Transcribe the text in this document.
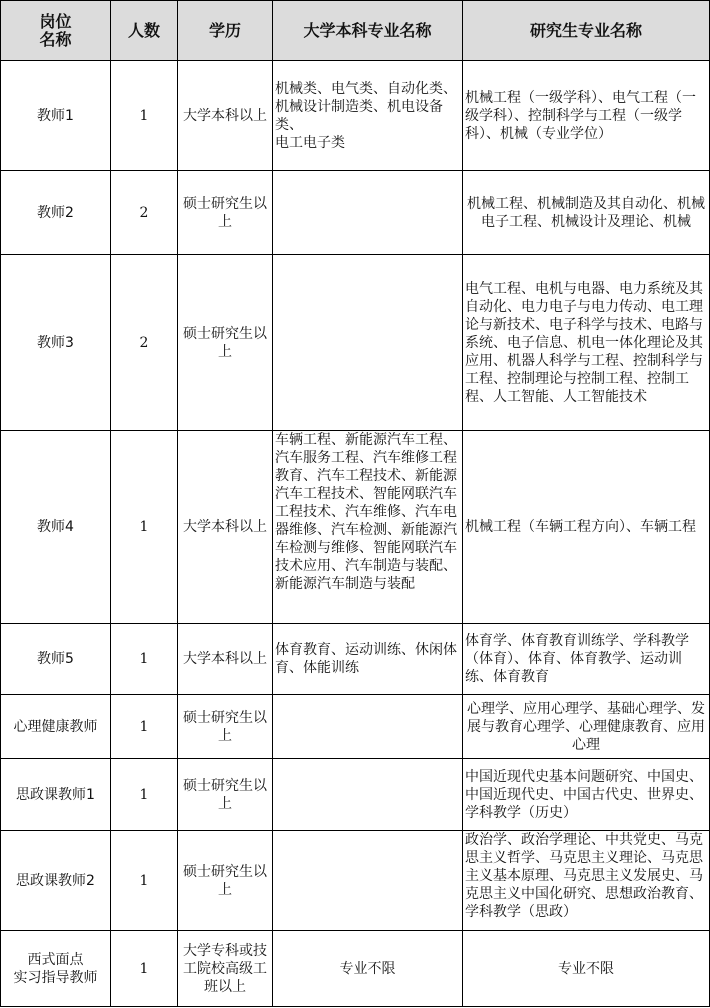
岗位
名称	人数	学历	大学本科专业名称	研究生专业名称
教师1	1	大学本科以上	机械类、电气类、自动化类、
机械设计制造类、机电设备类、
电工电子类	机械工程（一级学科）、电气工程（一级学科）、控制科学与工程（一级学科）、机械（专业学位）
教师2	2	硕士研究生以上		机械工程、机械制造及其自动化、机械电子工程、机械设计及理论、机械
教师3	2	硕士研究生以上		电气工程、电机与电器、电力系统及其自动化、电力电子与电力传动、电工理论与新技术、电子科学与技术、电路与系统、电子信息、机电一体化理论及其应用、机器人科学与工程、控制科学与工程、控制理论与控制工程、控制工程、人工智能、人工智能技术
教师4	1	大学本科以上	车辆工程、新能源汽车工程、汽车服务工程、汽车维修工程教育、汽车工程技术、新能源汽车工程技术、智能网联汽车工程技术、汽车维修、汽车电器维修、汽车检测、新能源汽车检测与维修、智能网联汽车技术应用、汽车制造与装配、新能源汽车制造与装配	机械工程（车辆工程方向）、车辆工程
教师5	1	大学本科以上	体育教育、运动训练、休闲体育、体能训练	体育学、体育教育训练学、学科教学（体育）、体育、体育教学、运动训练、体育教育
心理健康教师	1	硕士研究生以上		心理学、应用心理学、基础心理学、发展与教育心理学、心理健康教育、应用心理
思政课教师1	1	硕士研究生以上		中国近现代史基本问题研究、中国史、中国近现代史、中国古代史、世界史、学科教学（历史）
思政课教师2	1	硕士研究生以上		政治学、政治学理论、中共党史、马克思主义哲学、马克思主义理论、马克思主义基本原理、马克思主义发展史、马克思主义中国化研究、思想政治教育、学科教学（思政）

西式面点
实习指导教师	1	大学专科或技工院校高级工班以上	专业不限	专业不限
